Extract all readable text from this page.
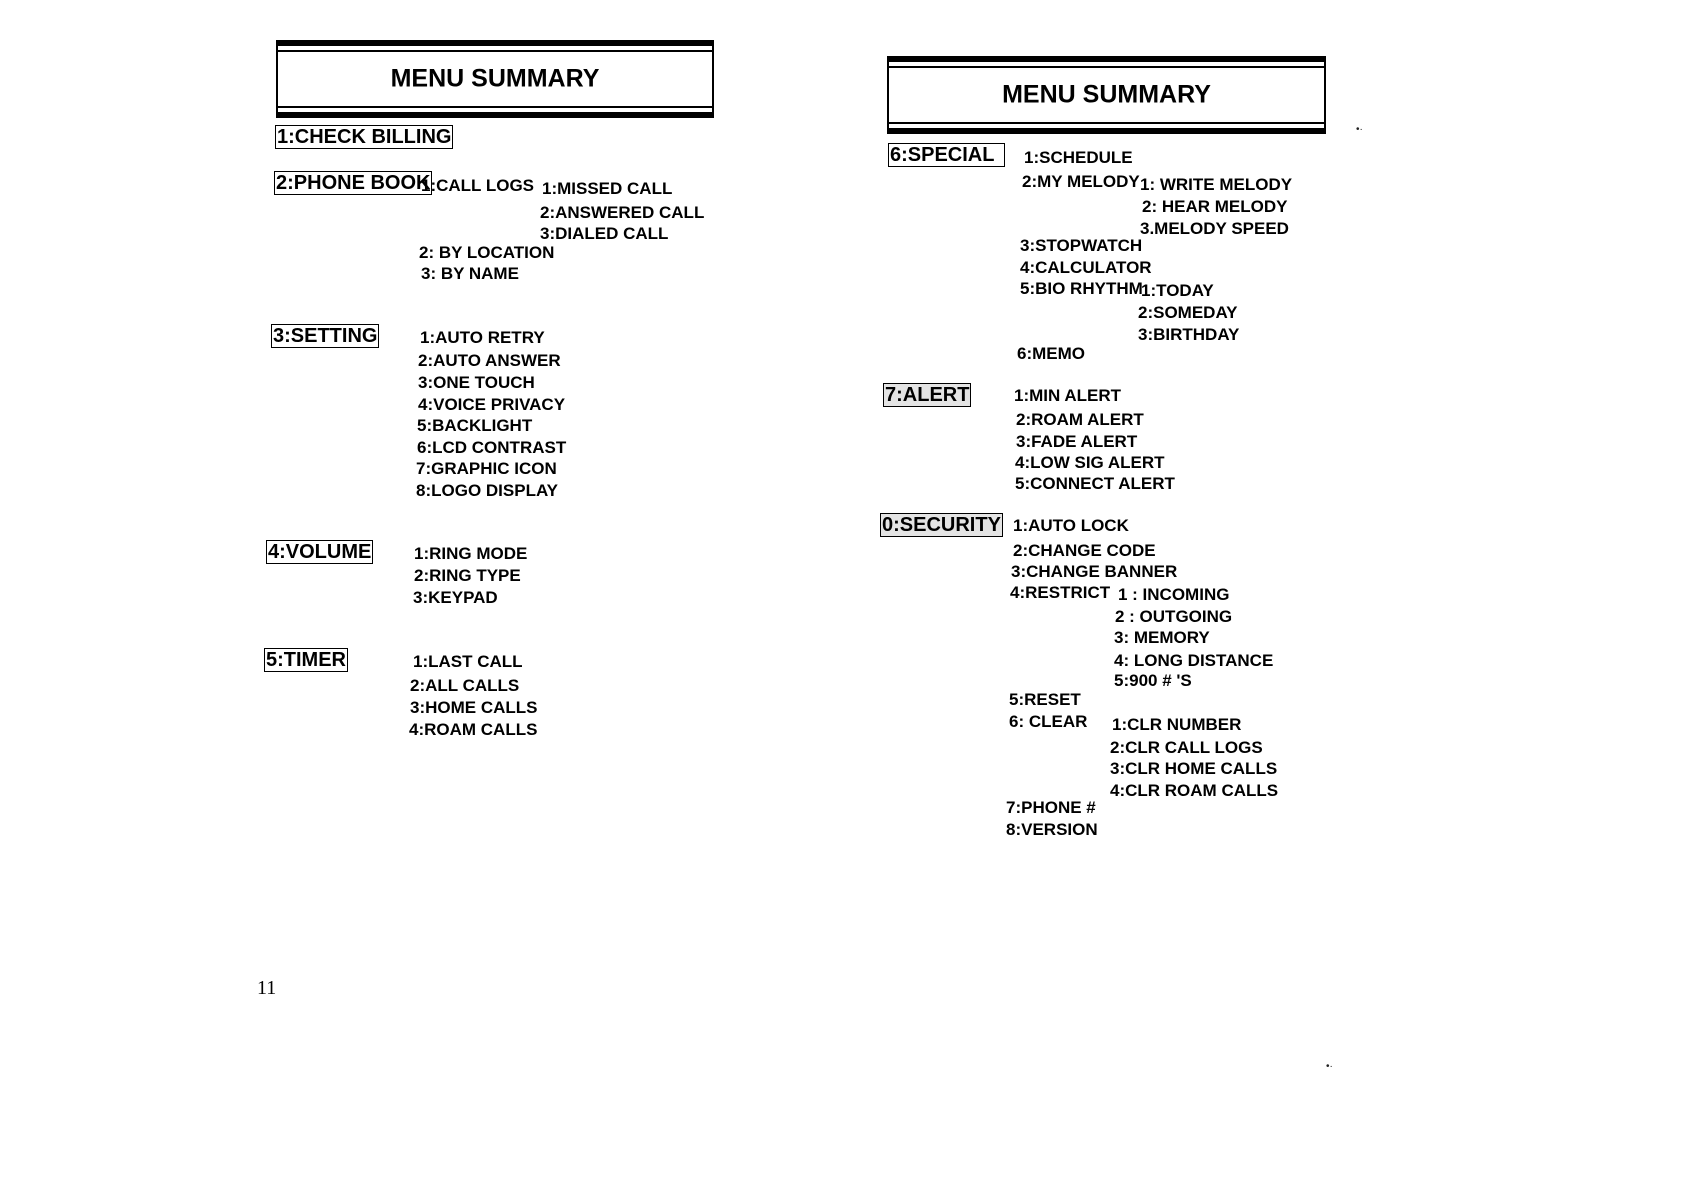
MENU SUMMARY
1:CHECK BILLING
2:PHONE BOOK
1:CALL LOGS 1:MISSED CALL
2:ANSWERED CALL
3:DIALED CALL
2: BY LOCATION
3: BY NAME
3:SETTING	1:AUTO RETRY
2:AUTO ANSWER
3:ONE TOUCH
4:VOICE PRIVACY
5:BACKLIGHT
6:LCD CONTRAST
7:GRAPHIC ICON
8:LOGO DISPLAY
4:VOLUME	1:RING MODE
2:RING TYPE
3:KEYPAD
5:TIMER	1:LAST CALL
2:ALL CALLS
3:HOME CALLS
4:ROAM CALLS
11
MENU SUMMARY
6:SPECIAL	1:SCHEDULE
2:MY MELODY 1: WRITE MELODY
2: HEAR MELODY
3.MELODY SPEED
3:STOPWATCH
4:CALCULATOR
5:BIO RHYTHM
1:TODAY
2:SOMEDAY
3:BIRTHDAY
6:MEMO
7:ALERT	1:MIN ALERT
2:ROAM ALERT
3:FADE ALERT
4:LOW SIG ALERT
5:CONNECT ALERT
0:SECURITY 1:AUTO LOCK
2:CHANGE CODE
3:CHANGE BANNER
4:RESTRICT 1 : INCOMING
2 : OUTGOING
3: MEMORY
4: LONG DISTANCE
5:900 # 'S
5:RESET
6: CLEAR 1:CLR NUMBER
2:CLR CALL LOGS
3:CLR HOME CALLS
4:CLR ROAM CALLS
7:PHONE #
8:VERSION
•·
•·
